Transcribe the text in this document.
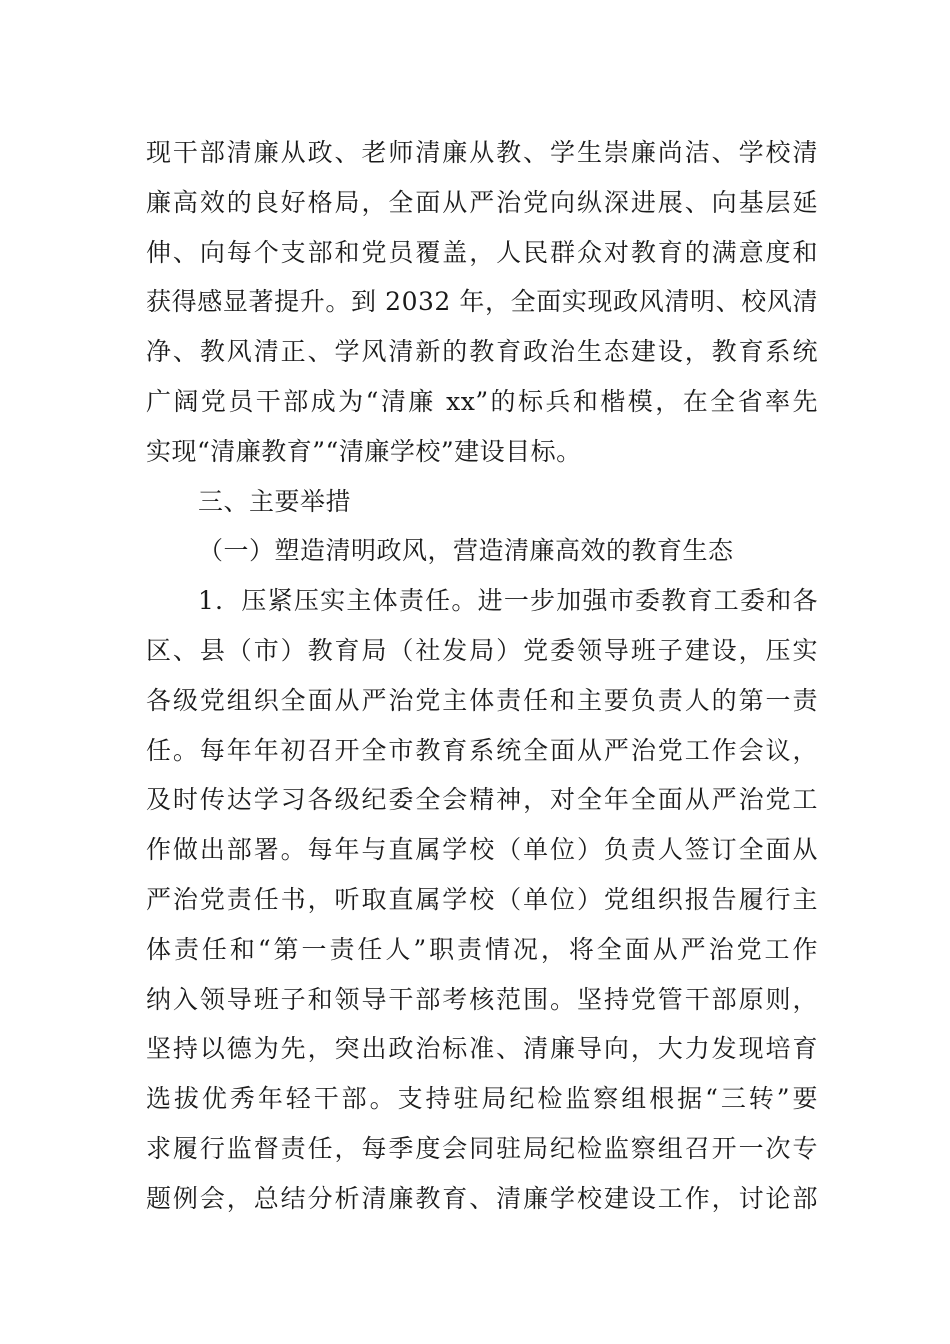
现干部清廉从政、老师清廉从教、学生崇廉尚洁、学校清
廉高效的良好格局，全面从严治党向纵深进展、向基层延
伸、向每个支部和党员覆盖，人民群众对教育的满意度和
获得感显著提升。到 2032 年，全面实现政风清明、校风清
净、教风清正、学风清新的教育政治生态建设，教育系统
广阔党员干部成为“清廉 xx”的标兵和楷模，在全省率先
实现“清廉教育”“清廉学校”建设目标。
三、主要举措
（一）塑造清明政风，营造清廉高效的教育生态
1．压紧压实主体责任。进一步加强市委教育工委和各
区、县（市）教育局（社发局）党委领导班子建设，压实
各级党组织全面从严治党主体责任和主要负责人的第一责
任。每年年初召开全市教育系统全面从严治党工作会议，
及时传达学习各级纪委全会精神，对全年全面从严治党工
作做出部署。每年与直属学校（单位）负责人签订全面从
严治党责任书，听取直属学校（单位）党组织报告履行主
体责任和“第一责任人”职责情况，将全面从严治党工作
纳入领导班子和领导干部考核范围。坚持党管干部原则，
坚持以德为先，突出政治标准、清廉导向，大力发现培育
选拔优秀年轻干部。支持驻局纪检监察组根据“三转”要
求履行监督责任，每季度会同驻局纪检监察组召开一次专
题例会，总结分析清廉教育、清廉学校建设工作，讨论部
